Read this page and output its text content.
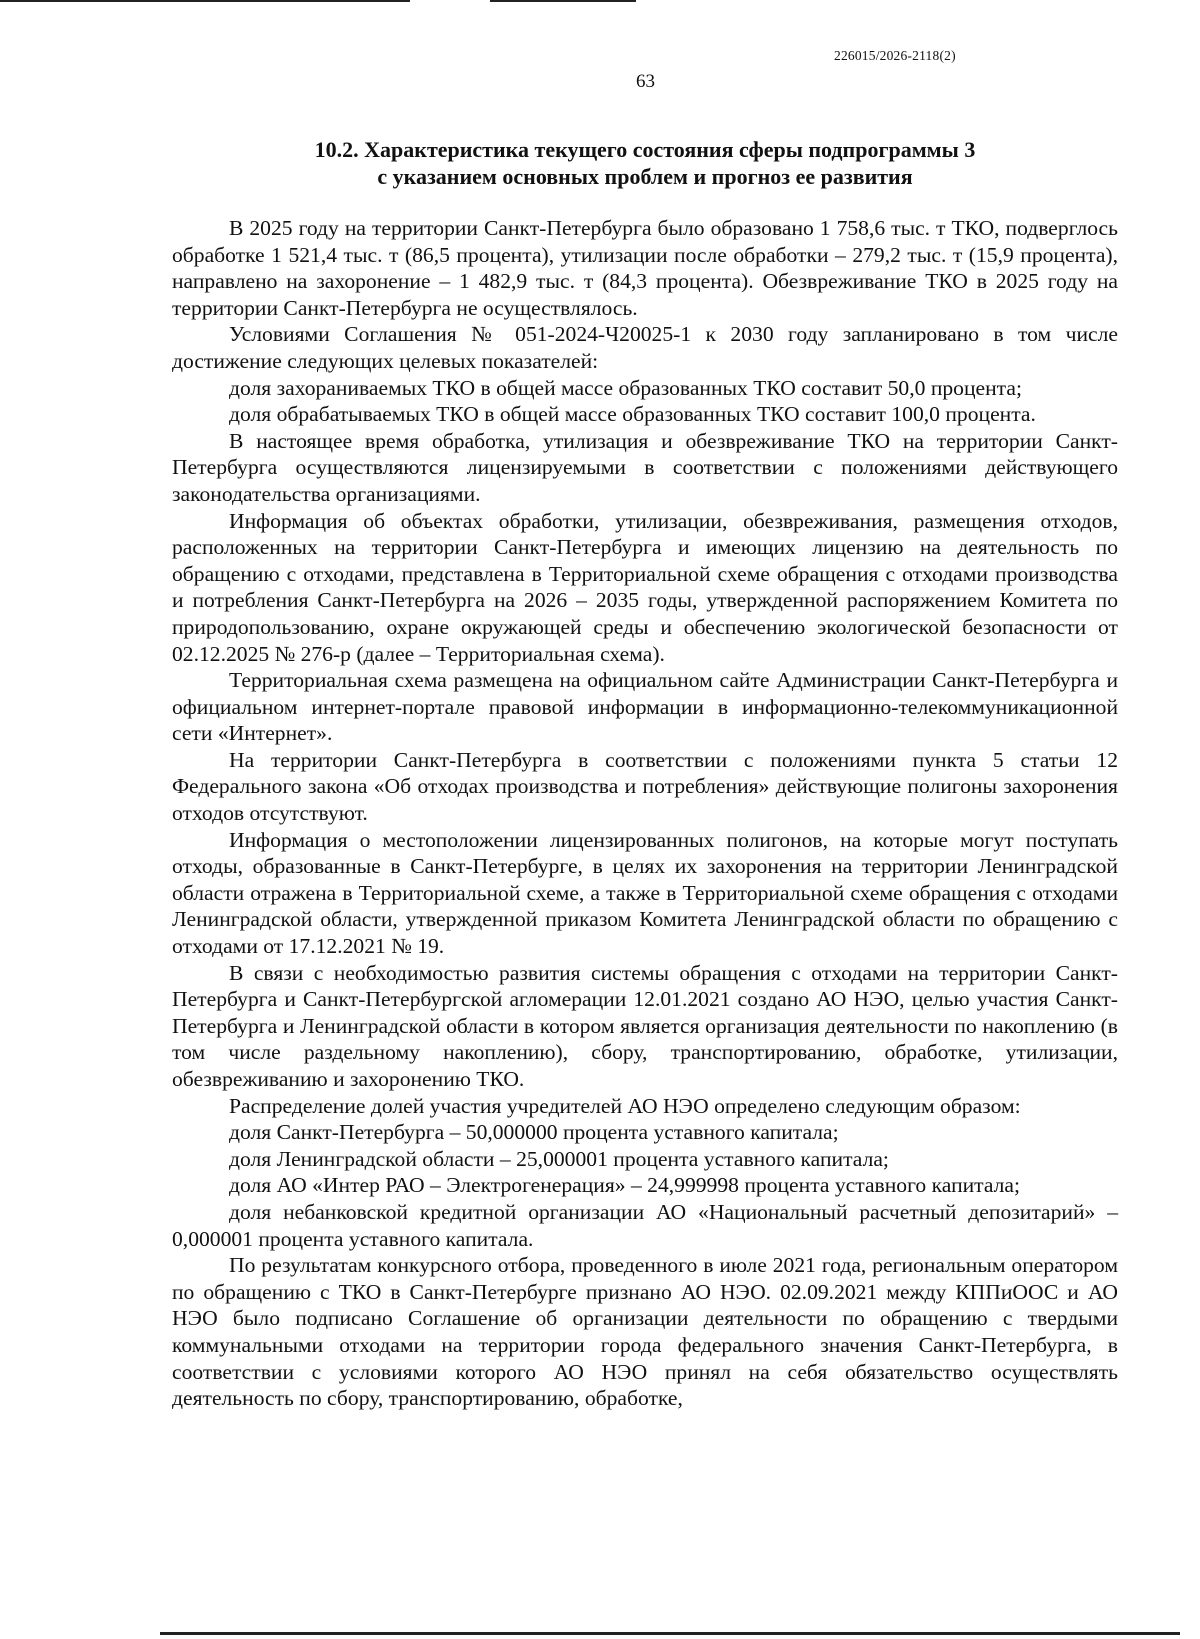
226015/2026-2118(2)
63
10.2. Характеристика текущего состояния сферы подпрограммы 3
с указанием основных проблем и прогноз ее развития

В 2025 году на территории Санкт-Петербурга было образовано 1 758,6 тыс. т ТКО, подверглось обработке 1 521,4 тыс. т (86,5 процента), утилизации после обработки – 279,2 тыс. т (15,9 процента), направлено на захоронение – 1 482,9 тыс. т (84,3 процента). Обезвреживание ТКО в 2025 году на территории Санкт-Петербурга не осуществлялось.

Условиями Соглашения № 051-2024-Ч20025-1 к 2030 году запланировано в том числе достижение следующих целевых показателей:

доля захораниваемых ТКО в общей массе образованных ТКО составит 50,0 процента;

доля обрабатываемых ТКО в общей массе образованных ТКО составит 100,0 процента.

В настоящее время обработка, утилизация и обезвреживание ТКО на территории Санкт-Петербурга осуществляются лицензируемыми в соответствии с положениями действующего законодательства организациями.

Информация об объектах обработки, утилизации, обезвреживания, размещения отходов, расположенных на территории Санкт-Петербурга и имеющих лицензию на деятельность по обращению с отходами, представлена в Территориальной схеме обращения с отходами производства и потребления Санкт-Петербурга на 2026 – 2035 годы, утвержденной распоряжением Комитета по природопользованию, охране окружающей среды и обеспечению экологической безопасности от 02.12.2025 № 276-р (далее – Территориальная схема).

Территориальная схема размещена на официальном сайте Администрации Санкт-Петербурга и официальном интернет-портале правовой информации в информационно-телекоммуникационной сети «Интернет».

На территории Санкт-Петербурга в соответствии с положениями пункта 5 статьи 12 Федерального закона «Об отходах производства и потребления» действующие полигоны захоронения отходов отсутствуют.

Информация о местоположении лицензированных полигонов, на которые могут поступать отходы, образованные в Санкт-Петербурге, в целях их захоронения на территории Ленинградской области отражена в Территориальной схеме, а также в Территориальной схеме обращения с отходами Ленинградской области, утвержденной приказом Комитета Ленинградской области по обращению с отходами от 17.12.2021 № 19.

В связи с необходимостью развития системы обращения с отходами на территории Санкт-Петербурга и Санкт-Петербургской агломерации 12.01.2021 создано АО НЭО, целью участия Санкт-Петербурга и Ленинградской области в котором является организация деятельности по накоплению (в том числе раздельному накоплению), сбору, транспортированию, обработке, утилизации, обезвреживанию и захоронению ТКО.

Распределение долей участия учредителей АО НЭО определено следующим образом:

доля Санкт-Петербурга – 50,000000 процента уставного капитала;

доля Ленинградской области – 25,000001 процента уставного капитала;

доля АО «Интер РАО – Электрогенерация» – 24,999998 процента уставного капитала;

доля небанковской кредитной организации АО «Национальный расчетный депозитарий» – 0,000001 процента уставного капитала.

По результатам конкурсного отбора, проведенного в июле 2021 года, региональным оператором по обращению с ТКО в Санкт-Петербурге признано АО НЭО. 02.09.2021 между КППиООС и АО НЭО было подписано Соглашение об организации деятельности по обращению с твердыми коммунальными отходами на территории города федерального значения Санкт-Петербурга, в соответствии с условиями которого АО НЭО принял на себя обязательство осуществлять деятельность по сбору, транспортированию, обработке,
